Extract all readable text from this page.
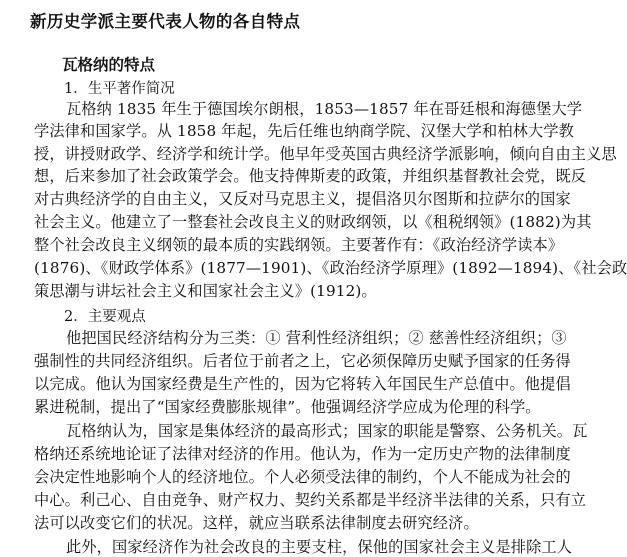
新历史学派主要代表人物的各自特点
瓦格纳的特点
1．生平著作简况
瓦格纳 1835 年生于德国埃尔朗根，1853—1857 年在哥廷根和海德堡大学
学法律和国家学。从 1858 年起，先后任维也纳商学院、汉堡大学和柏林大学教
授，讲授财政学、经济学和统计学。他早年受英国古典经济学派影响，倾向自由主义思
想，后来参加了社会政策学会。他支持俾斯麦的政策，并组织基督教社会党，既反
对古典经济学的自由主义，又反对马克思主义，提倡洛贝尔图斯和拉萨尔的国家
社会主义。他建立了一整套社会改良主义的财政纲领，以《租税纲领》(1882)为其
整个社会改良主义纲领的最本质的实践纲领。主要著作有：《政治经济学读本》
(1876)、《财政学体系》(1877—1901)、《政治经济学原理》(1892—1894)、《社会政
策思潮与讲坛社会主义和国家社会主义》(1912)。
2．主要观点
他把国民经济结构分为三类：① 营利性经济组织；② 慈善性经济组织；③
强制性的共同经济组织。后者位于前者之上，它必须保障历史赋予国家的任务得
以完成。他认为国家经费是生产性的，因为它将转入年国民生产总值中。他提倡
累进税制，提出了“国家经费膨胀规律”。他强调经济学应成为伦理的科学。
瓦格纳认为，国家是集体经济的最高形式；国家的职能是警察、公务机关。瓦
格纳还系统地论证了法律对经济的作用。他认为，作为一定历史产物的法律制度
会决定性地影响个人的经济地位。个人必须受法律的制约，个人不能成为社会的
中心。利己心、自由竞争、财产权力、契约关系都是半经济半法律的关系，只有立
法可以改变它们的状况。这样，就应当联系法律制度去研究经济。
此外，国家经济作为社会改良的主要支柱，保他的国家社会主义是排除工人
